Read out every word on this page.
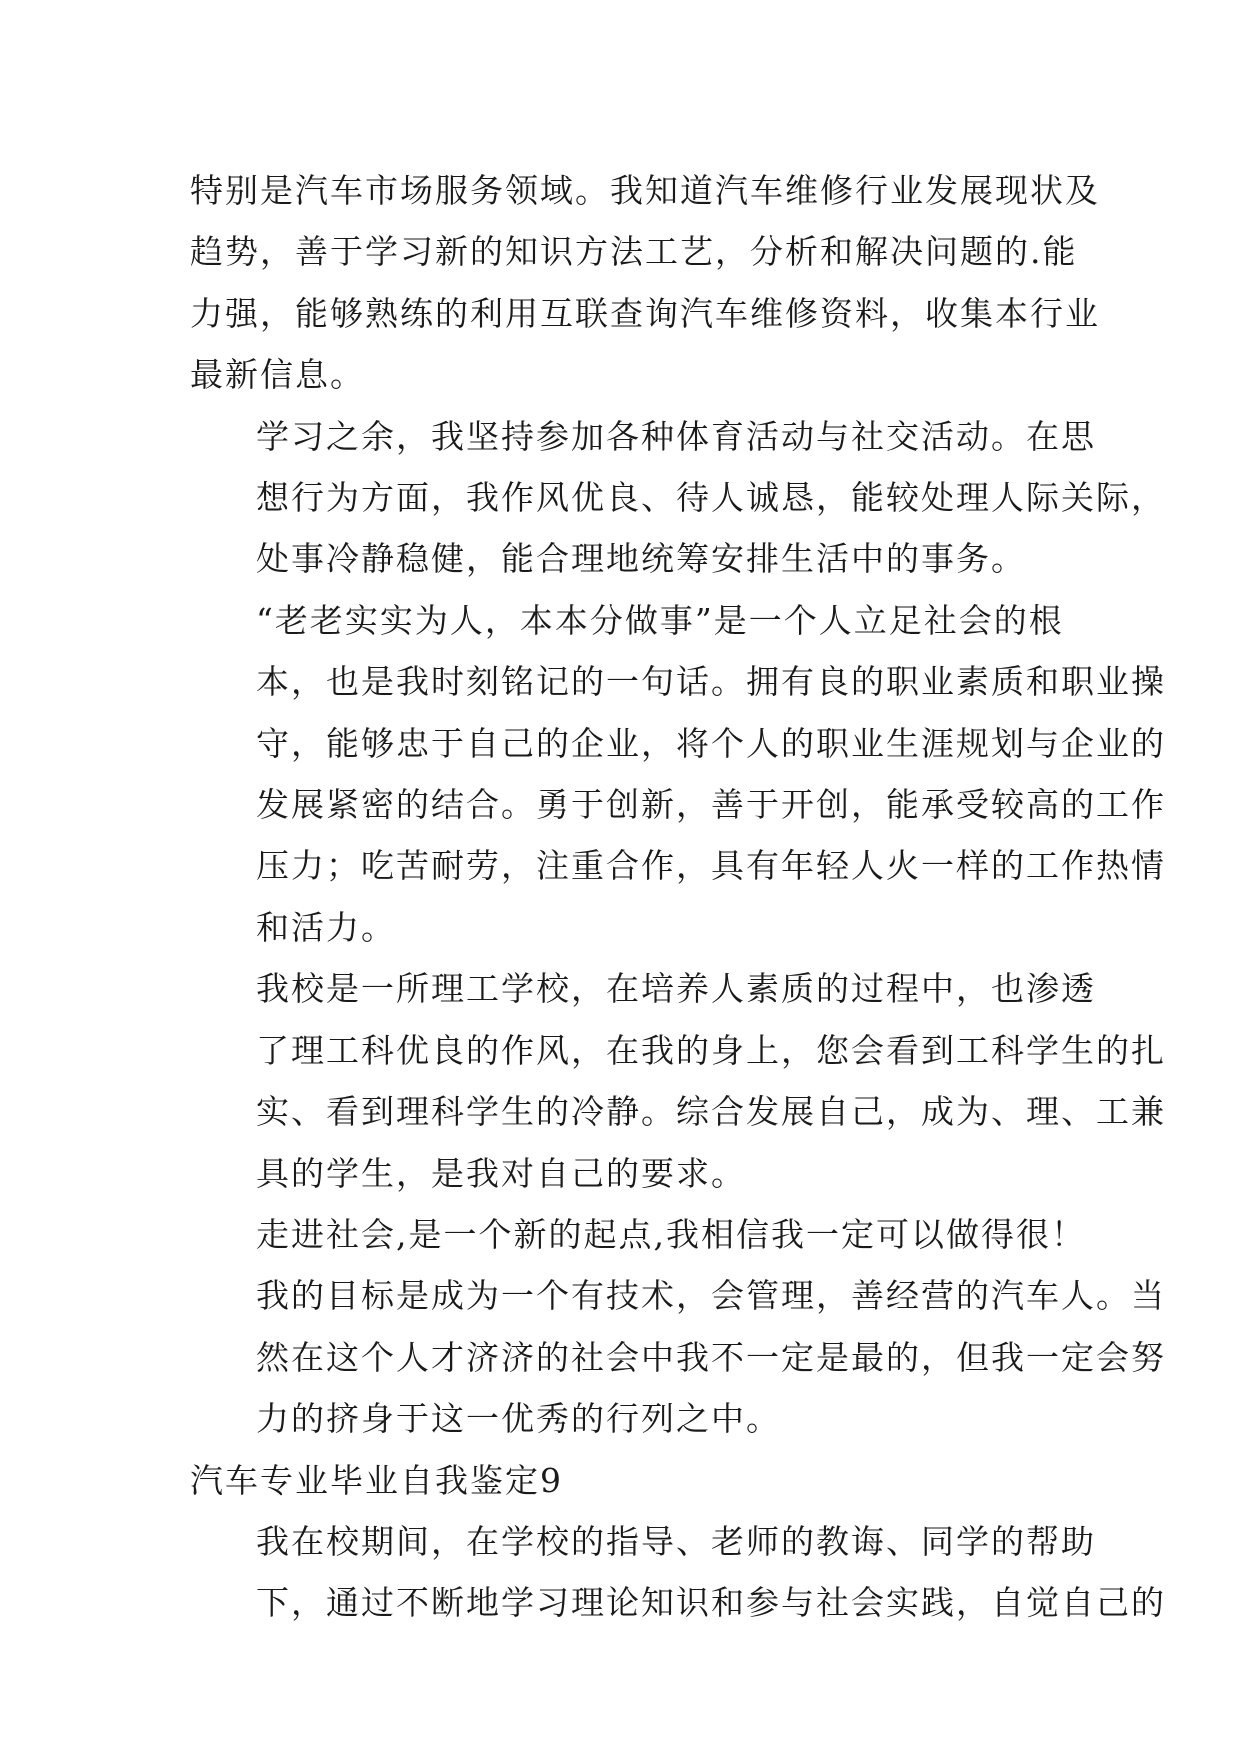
特别是汽车市场服务领域。我知道汽车维修行业发展现状及
趋势，善于学习新的知识方法工艺，分析和解决问题的.能
力强，能够熟练的利用互联查询汽车维修资料，收集本行业
最新信息。

学习之余，我坚持参加各种体育活动与社交活动。在思
想行为方面，我作风优良、待人诚恳，能较处理人际关际，
处事冷静稳健，能合理地统筹安排生活中的事务。

“老老实实为人，本本分做事”是一个人立足社会的根
本，也是我时刻铭记的一句话。拥有良的职业素质和职业操
守，能够忠于自己的企业，将个人的职业生涯规划与企业的
发展紧密的结合。勇于创新，善于开创，能承受较高的工作
压力；吃苦耐劳，注重合作，具有年轻人火一样的工作热情
和活力。

我校是一所理工学校，在培养人素质的过程中，也渗透
了理工科优良的作风，在我的身上，您会看到工科学生的扎
实、看到理科学生的冷静。综合发展自己，成为、理、工兼
具的学生，是我对自己的要求。

走进社会,是一个新的起点,我相信我一定可以做得很！
我的目标是成为一个有技术，会管理，善经营的汽车人。当
然在这个人才济济的社会中我不一定是最的，但我一定会努
力的挤身于这一优秀的行列之中。

汽车专业毕业自我鉴定9

我在校期间，在学校的指导、老师的教诲、同学的帮助
下，通过不断地学习理论知识和参与社会实践，自觉自己的
